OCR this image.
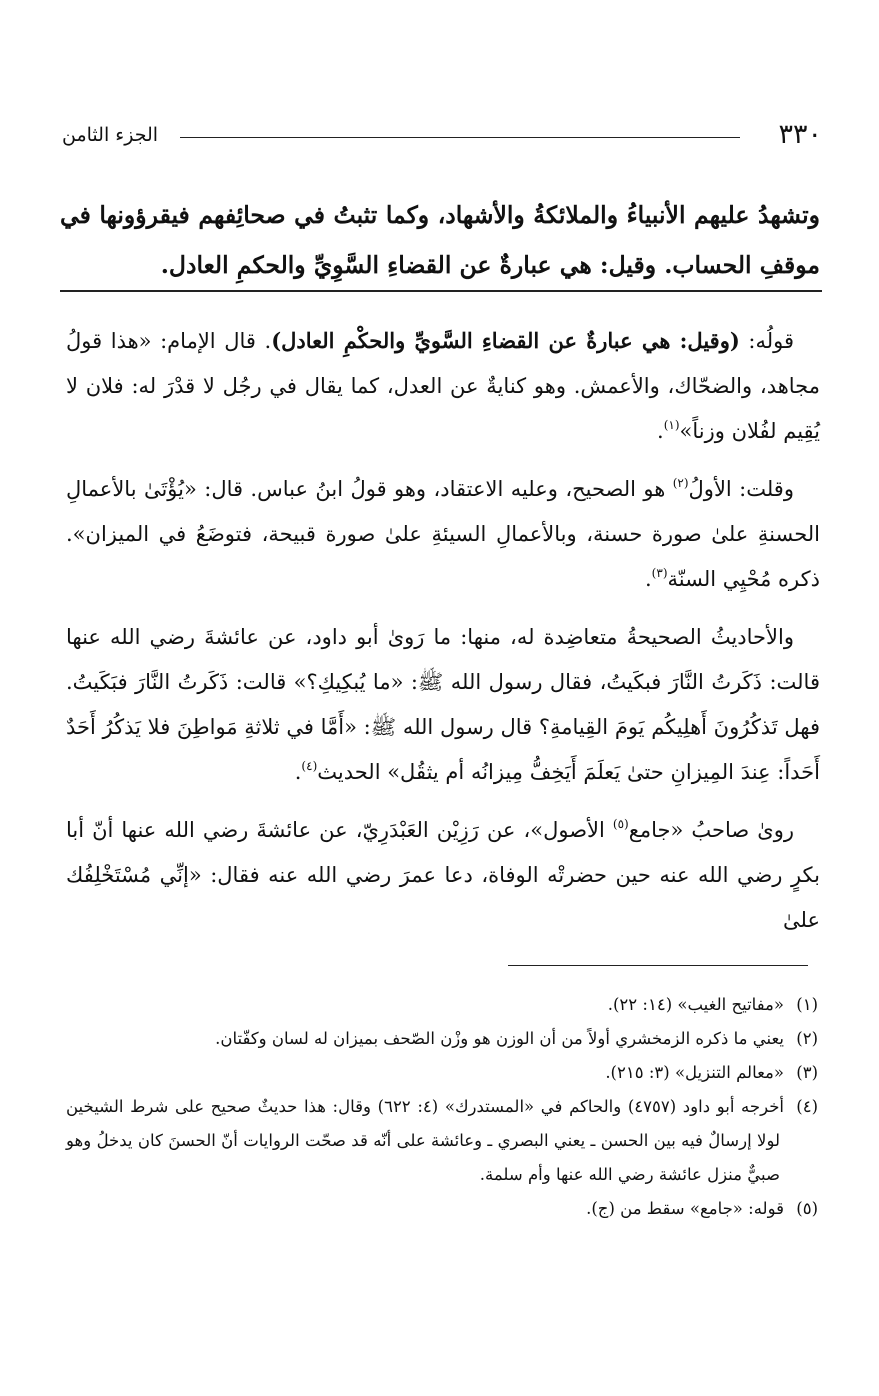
٣٣٠
الجزء الثامن
وتشهدُ عليهم الأنبياءُ والملائكةُ والأشهاد، وكما تثبتُ في صحائِفهم فيقرؤونها في موقفِ الحساب. وقيل: هي عبارةٌ عن القضاءِ السَّوِيِّ والحكمِ العادل.

قولُه: (وقيل: هي عبارةٌ عن القضاءِ السَّويِّ والحكْمِ العادل). قال الإمام: «هذا قولُ مجاهد، والضحّاك، والأعمش. وهو كنايةٌ عن العدل، كما يقال في رجُل لا قدْرَ له: فلان لا يُقِيم لفُلان وزناً»$^{(١)}$.

وقلت: الأولُ$^{(٢)}$ هو الصحيح، وعليه الاعتقاد، وهو قولُ ابنُ عباس. قال: «يُؤْتَىٰ بالأعمالِ الحسنةِ علىٰ صورة حسنة، وبالأعمالِ السيئةِ علىٰ صورة قبيحة، فتوضَعُ في الميزان». ذكره مُحْيِي السنّة$^{(٣)}$.

والأحاديثُ الصحيحةُ متعاضِدة له، منها: ما رَوىٰ أبو داود، عن عائشةَ رضي الله عنها قالت: ذَكَرتُ النَّارَ فبكَيتُ، فقال رسول الله ﷺ: «ما يُبكِيكِ؟» قالت: ذَكَرتُ النَّارَ فبَكَيتُ. فهل تَذكُرُونَ أَهلِيكُم يَومَ القِيامةِ؟ قال رسول الله ﷺ: «أَمَّا في ثلاثةِ مَواطِنَ فلا يَذكُرُ أَحَدٌ أَحَداً: عِندَ المِيزانِ حتىٰ يَعلَمَ أَيَخِفُّ مِيزانُه أم يثقُل» الحديث$^{(٤)}$.

روىٰ صاحبُ «جامع$^{(٥)}$ الأصول»، عن رَزِيْن العَبْدَرِيّ، عن عائشةَ رضي الله عنها أنّ أبا بكرٍ رضي الله عنه حين حضرتْه الوفاة، دعا عمرَ رضي الله عنه فقال: «إنِّي مُسْتَخْلِفُك علىٰ

(١)«مفاتيح الغيب» (١٤: ٢٢).

(٢)يعني ما ذكره الزمخشري أولاً من أن الوزن هو وزْن الصّحف بميزان له لسان وكفّتان.

(٣)«معالم التنزيل» (٣: ٢١٥).

(٤)أخرجه أبو داود (٤٧٥٧) والحاكم في «المستدرك» (٤: ٦٢٢) وقال: هذا حديثٌ صحيح على شرط الشيخين لولا إرسالٌ فيه بين الحسن ـ يعني البصري ـ وعائشة على أنّه قد صحّت الروايات أنّ الحسنَ كان يدخلُ وهو صبيٌّ منزل عائشة رضي الله عنها وأم سلمة.

(٥)قوله: «جامع» سقط من (ج).
